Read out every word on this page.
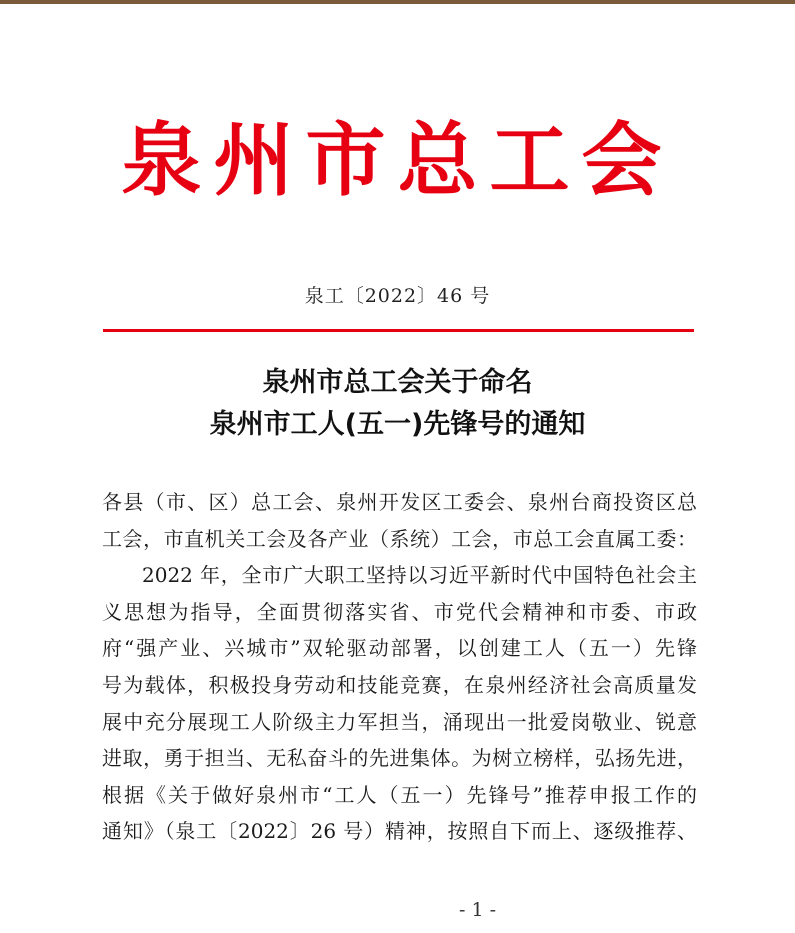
泉州市总工会
泉工〔2022〕46 号
泉州市总工会关于命名
泉州市工人(五一)先锋号的通知
各县（市、区）总工会、泉州开发区工委会、泉州台商投资区总
工会，市直机关工会及各产业（系统）工会，市总工会直属工委：
2022 年，全市广大职工坚持以习近平新时代中国特色社会主
义思想为指导，全面贯彻落实省、市党代会精神和市委、市政
府“强产业、兴城市”双轮驱动部署，以创建工人（五一）先锋
号为载体，积极投身劳动和技能竞赛，在泉州经济社会高质量发
展中充分展现工人阶级主力军担当，涌现出一批爱岗敬业、锐意
进取，勇于担当、无私奋斗的先进集体。为树立榜样，弘扬先进，
根据《关于做好泉州市“工人（五一）先锋号”推荐申报工作的
通知》（泉工〔2022〕26 号）精神，按照自下而上、逐级推荐、
- 1 -
